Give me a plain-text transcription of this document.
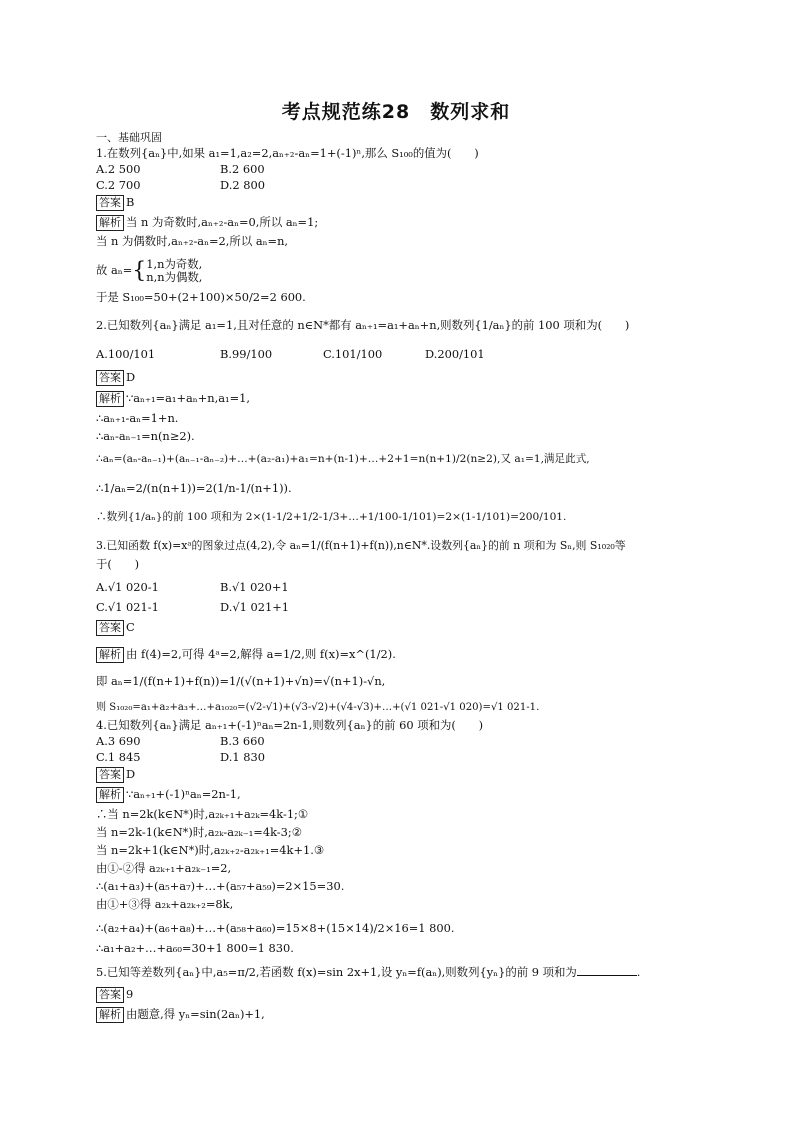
考点规范练28　数列求和
一、基础巩固
1.在数列{aₙ}中,如果 a₁=1,a₂=2,aₙ₊₂-aₙ=1+(-1)ⁿ,那么 S₁₀₀的值为(　　)
A.2 500	B.2 600
C.2 700	D.2 800
答案 B
解析 当 n 为奇数时,aₙ₊₂-aₙ=0,所以 aₙ=1;
当 n 为偶数时,aₙ₊₂-aₙ=2,所以 aₙ=n,
故 aₙ={1,n为奇数,
n,n为偶数,
于是 S₁₀₀=50+(2+100)×50/2=2 600.
2.已知数列{aₙ}满足 a₁=1,且对任意的 n∈N*都有 aₙ₊₁=a₁+aₙ+n,则数列{1/aₙ}的前 100 项和为(　　)
A.100/101	B.99/100	C.101/100	D.200/101
答案 D
解析 ∵aₙ₊₁=a₁+aₙ+n,a₁=1,
∴aₙ₊₁-aₙ=1+n.
∴aₙ-aₙ₋₁=n(n≥2).
∴aₙ=(aₙ-aₙ₋₁)+(aₙ₋₁-aₙ₋₂)+…+(a₂-a₁)+a₁=n+(n-1)+…+2+1=n(n+1)/2(n≥2),又 a₁=1,满足此式,
∴1/aₙ=2/(n(n+1))=2(1/n-1/(n+1)).
∴数列{1/aₙ}的前 100 项和为 2×(1-1/2+1/2-1/3+…+1/100-1/101)=2×(1-1/101)=200/101.
3.已知函数 f(x)=xᵃ的图象过点(4,2),令 aₙ=1/(f(n+1)+f(n)),n∈N*.设数列{aₙ}的前 n 项和为 Sₙ,则 S₁₀₂₀等
于(　　)
A.√1 020-1	B.√1 020+1
C.√1 021-1	D.√1 021+1
答案 C
解析 由 f(4)=2,可得 4ᵃ=2,解得 a=1/2,则 f(x)=x^(1/2).
即 aₙ=1/(f(n+1)+f(n))=1/(√(n+1)+√n)=√(n+1)-√n,
则 S₁₀₂₀=a₁+a₂+a₃+…+a₁₀₂₀=(√2-√1)+(√3-√2)+(√4-√3)+…+(√1 021-√1 020)=√1 021-1.
4.已知数列{aₙ}满足 aₙ₊₁+(-1)ⁿaₙ=2n-1,则数列{aₙ}的前 60 项和为(　　)
A.3 690	B.3 660
C.1 845	D.1 830
答案 D
解析 ∵aₙ₊₁+(-1)ⁿaₙ=2n-1,
∴当 n=2k(k∈N*)时,a₂ₖ₊₁+a₂ₖ=4k-1;①
当 n=2k-1(k∈N*)时,a₂ₖ-a₂ₖ₋₁=4k-3;②
当 n=2k+1(k∈N*)时,a₂ₖ₊₂-a₂ₖ₊₁=4k+1.③
由①-②得 a₂ₖ₊₁+a₂ₖ₋₁=2,
∴(a₁+a₃)+(a₅+a₇)+…+(a₅₇+a₅₉)=2×15=30.
由①+③得 a₂ₖ+a₂ₖ₊₂=8k,
∴(a₂+a₄)+(a₆+a₈)+…+(a₅₈+a₆₀)=15×8+(15×14)/2×16=1 800.
∴a₁+a₂+…+a₆₀=30+1 800=1 830.
5.已知等差数列{aₙ}中,a₅=π/2,若函数 f(x)=sin 2x+1,设 yₙ=f(aₙ),则数列{yₙ}的前 9 项和为	.
答案 9
解析 由题意,得 yₙ=sin(2aₙ)+1,
